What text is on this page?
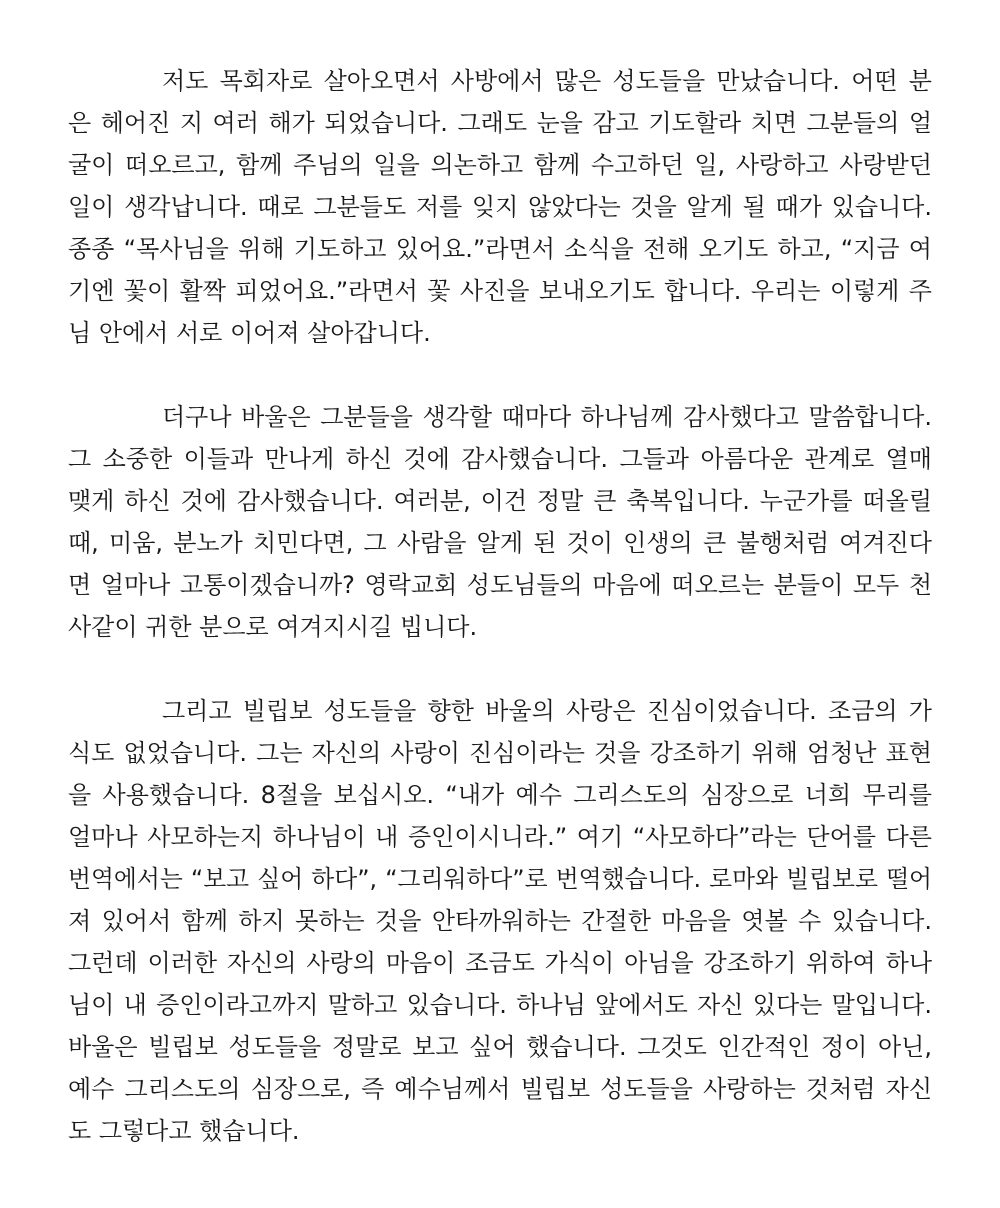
저도 목회자로 살아오면서 사방에서 많은 성도들을 만났습니다. 어떤 분
은 헤어진 지 여러 해가 되었습니다. 그래도 눈을 감고 기도할라 치면 그분들의 얼
굴이 떠오르고, 함께 주님의 일을 의논하고 함께 수고하던 일, 사랑하고 사랑받던
일이 생각납니다. 때로 그분들도 저를 잊지 않았다는 것을 알게 될 때가 있습니다.
종종 “목사님을 위해 기도하고 있어요.”라면서 소식을 전해 오기도 하고, “지금 여
기엔 꽃이 활짝 피었어요.”라면서 꽃 사진을 보내오기도 합니다. 우리는 이렇게 주
님 안에서 서로 이어져 살아갑니다.
더구나 바울은 그분들을 생각할 때마다 하나님께 감사했다고 말씀합니다.
그 소중한 이들과 만나게 하신 것에 감사했습니다. 그들과 아름다운 관계로 열매
맺게 하신 것에 감사했습니다. 여러분, 이건 정말 큰 축복입니다. 누군가를 떠올릴
때, 미움, 분노가 치민다면, 그 사람을 알게 된 것이 인생의 큰 불행처럼 여겨진다
면 얼마나 고통이겠습니까? 영락교회 성도님들의 마음에 떠오르는 분들이 모두 천
사같이 귀한 분으로 여겨지시길 빕니다.
그리고 빌립보 성도들을 향한 바울의 사랑은 진심이었습니다. 조금의 가
식도 없었습니다. 그는 자신의 사랑이 진심이라는 것을 강조하기 위해 엄청난 표현
을 사용했습니다. 8절을 보십시오. “내가 예수 그리스도의 심장으로 너희 무리를
얼마나 사모하는지 하나님이 내 증인이시니라.” 여기 “사모하다”라는 단어를 다른
번역에서는 “보고 싶어 하다”, “그리워하다”로 번역했습니다. 로마와 빌립보로 떨어
져 있어서 함께 하지 못하는 것을 안타까워하는 간절한 마음을 엿볼 수 있습니다.
그런데 이러한 자신의 사랑의 마음이 조금도 가식이 아님을 강조하기 위하여 하나
님이 내 증인이라고까지 말하고 있습니다. 하나님 앞에서도 자신 있다는 말입니다.
바울은 빌립보 성도들을 정말로 보고 싶어 했습니다. 그것도 인간적인 정이 아닌,
예수 그리스도의 심장으로, 즉 예수님께서 빌립보 성도들을 사랑하는 것처럼 자신
도 그렇다고 했습니다.
